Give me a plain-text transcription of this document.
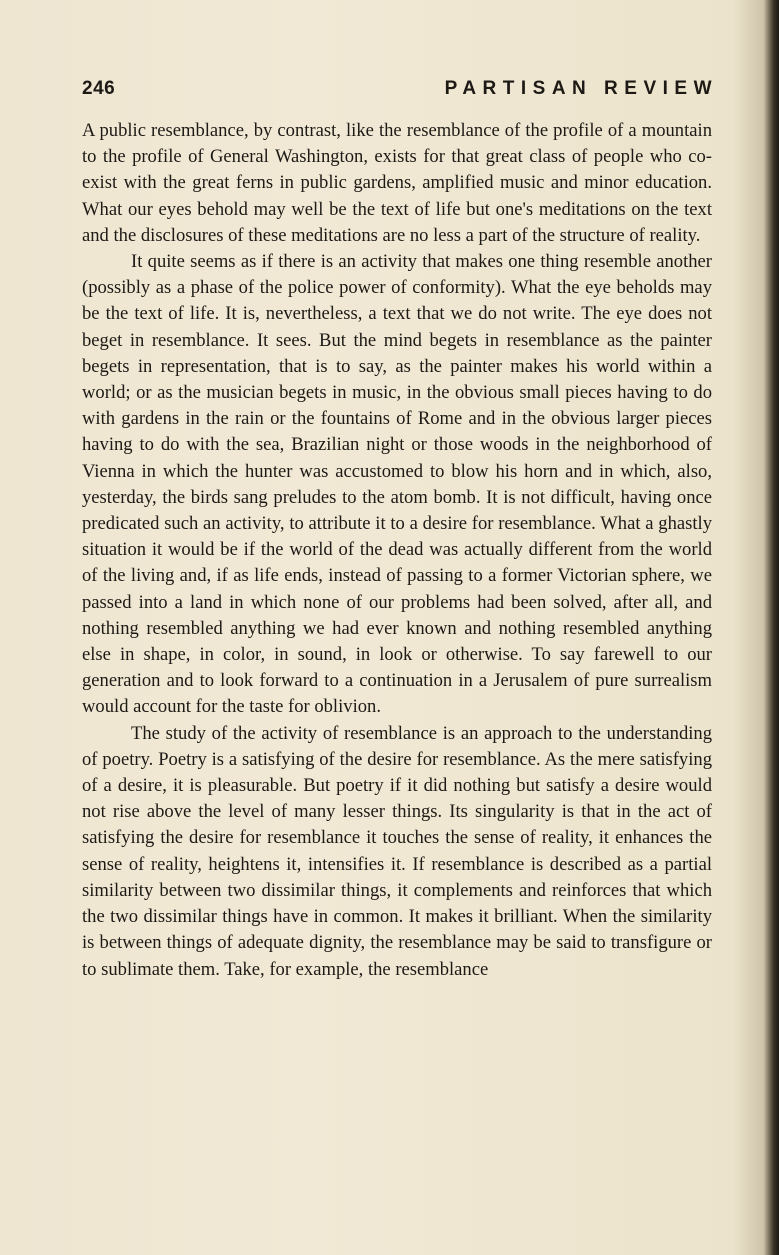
246	PARTISAN REVIEW

A public resemblance, by contrast, like the resemblance of the profile of a mountain to the profile of General Washington, exists for that great class of people who co-exist with the great ferns in public gardens, amplified music and minor education. What our eyes behold may well be the text of life but one's meditations on the text and the disclosures of these meditations are no less a part of the structure of reality.

It quite seems as if there is an activity that makes one thing resemble another (possibly as a phase of the police power of conformity). What the eye beholds may be the text of life. It is, nevertheless, a text that we do not write. The eye does not beget in resemblance. It sees. But the mind begets in resemblance as the painter begets in representation, that is to say, as the painter makes his world within a world; or as the musician begets in music, in the obvious small pieces having to do with gardens in the rain or the fountains of Rome and in the obvious larger pieces having to do with the sea, Brazilian night or those woods in the neighborhood of Vienna in which the hunter was accustomed to blow his horn and in which, also, yesterday, the birds sang preludes to the atom bomb. It is not difficult, having once predicated such an activity, to attribute it to a desire for resemblance. What a ghastly situation it would be if the world of the dead was actually different from the world of the living and, if as life ends, instead of passing to a former Victorian sphere, we passed into a land in which none of our problems had been solved, after all, and nothing resembled anything we had ever known and nothing resembled anything else in shape, in color, in sound, in look or otherwise. To say farewell to our generation and to look forward to a continuation in a Jerusalem of pure surrealism would account for the taste for oblivion.

The study of the activity of resemblance is an approach to the understanding of poetry. Poetry is a satisfying of the desire for resemblance. As the mere satisfying of a desire, it is pleasurable. But poetry if it did nothing but satisfy a desire would not rise above the level of many lesser things. Its singularity is that in the act of satisfying the desire for resemblance it touches the sense of reality, it enhances the sense of reality, heightens it, intensifies it. If resemblance is described as a partial similarity between two dissimilar things, it complements and reinforces that which the two dissimilar things have in common. It makes it brilliant. When the similarity is between things of adequate dignity, the resemblance may be said to transfigure or to sublimate them. Take, for example, the resemblance
